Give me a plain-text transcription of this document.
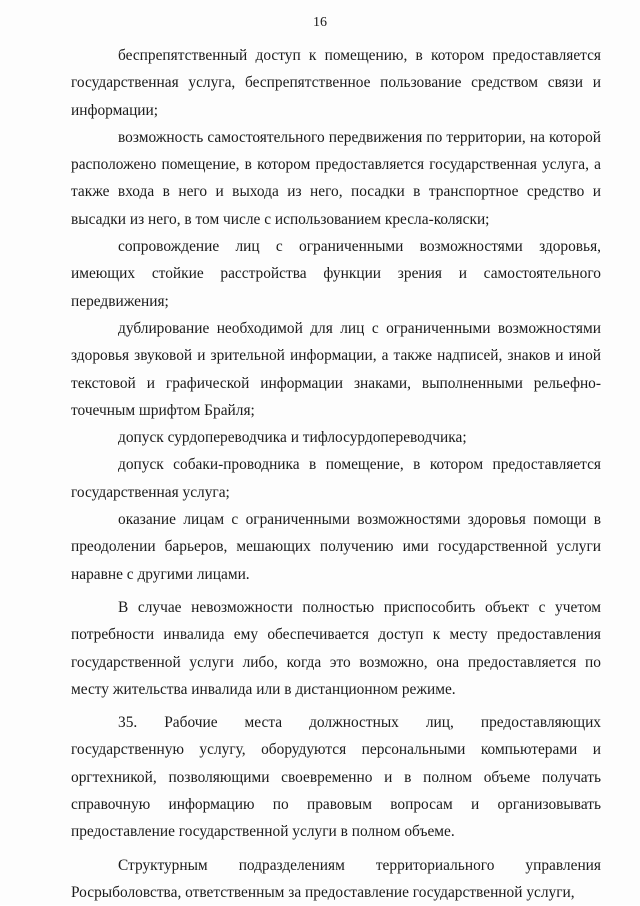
16

беспрепятственный доступ к помещению, в котором предоставляется государственная услуга, беспрепятственное пользование средством связи и информации;

возможность самостоятельного передвижения по территории, на которой расположено помещение, в котором предоставляется государственная услуга, а также входа в него и выхода из него, посадки в транспортное средство и высадки из него, в том числе с использованием кресла-коляски;

сопровождение лиц с ограниченными возможностями здоровья, имеющих стойкие расстройства функции зрения и самостоятельного передвижения;

дублирование необходимой для лиц с ограниченными возможностями здоровья звуковой и зрительной информации, а также надписей, знаков и иной текстовой и графической информации знаками, выполненными рельефно-точечным шрифтом Брайля;

допуск сурдопереводчика и тифлосурдопереводчика;

допуск собаки-проводника в помещение, в котором предоставляется государственная услуга;

оказание лицам с ограниченными возможностями здоровья помощи в преодолении барьеров, мешающих получению ими государственной услуги наравне с другими лицами.

В случае невозможности полностью приспособить объект с учетом потребности инвалида ему обеспечивается доступ к месту предоставления государственной услуги либо, когда это возможно, она предоставляется по месту жительства инвалида или в дистанционном режиме.

35. Рабочие места должностных лиц, предоставляющих государственную услугу, оборудуются персональными компьютерами и оргтехникой, позволяющими своевременно и в полном объеме получать справочную информацию по правовым вопросам и организовывать предоставление государственной услуги в полном объеме.

Структурным подразделениям территориального управления Росрыболовства, ответственным за предоставление государственной услуги,
